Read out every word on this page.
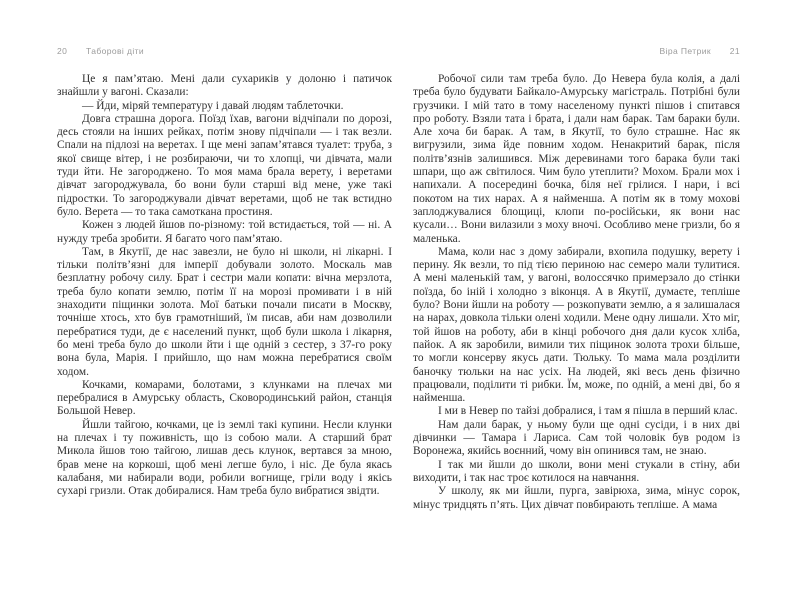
20 Таборові діти

Це я пам’ятаю. Мені дали сухариків у долоню і патичок знайшли у вагоні. Сказали:

— Йди, міряй температуру і давай людям таблеточки.

Довга страшна дорога. Поїзд їхав, вагони відчіпали по дорозі, десь стояли на інших рейках, потім знову підчіпали — і так везли. Спали на підлозі на веретах. І ще мені запам’ятався туалет: труба, з якої свище вітер, і не розбираючи, чи то хлопці, чи дівчата, мали туди йти. Не загороджено. То моя мама брала верету, і веретами дівчат загороджувала, бо вони були старші від мене, уже такі підростки. То загороджували дівчат веретами, щоб не так встидно було. Верета — то така самоткана простиня.

Кожен з людей йшов по-різному: той встидається, той — ні. А нужду треба зробити. Я багато чого пам’ятаю.

Там, в Якутії, де нас завезли, не було ні школи, ні лікарні. І тільки політв’язні для імперії добували золото. Москаль мав безплатну робочу силу. Брат і сестри мали копати: вічна мерзлота, треба було копати землю, потім її на морозі промивати і в ній знаходити піщинки золота. Мої батьки почали писати в Москву, точніше хтось, хто був грамотніший, їм писав, аби нам дозволили перебратися туди, де є населений пункт, щоб були школа і лікарня, бо мені треба було до школи йти і ще одній з сестер, з 37-го року вона була, Марія. І прийшло, що нам можна перебратися своїм ходом.

Кочками, комарами, болотами, з клунками на плечах ми перебралися в Амурську область, Сковородинський район, станція Большой Невер.

Йшли тайгою, кочками, це із землі такі купини. Несли клунки на плечах і ту поживність, що із собою мали. А старший брат Микола йшов тою тайгою, лишав десь клунок, вертався за мною, брав мене на коркоші, щоб мені легше було, і ніс. Де була якась калабаня, ми набирали води, робили вогнище, гріли воду і якісь сухарі гризли. Отак добиралися. Нам треба було вибратися звідти.

Віра Петрик 21

Робочої сили там треба було. До Невера була колія, а далі треба було будувати Байкало-Амурську магістраль. Потрібні були грузчики. І мій тато в тому населеному пункті пішов і спитався про роботу. Взяли тата і брата, і дали нам барак. Там бараки були. Але хоча би барак. А там, в Якутії, то було страшне. Нас як вигрузили, зима йде повним ходом. Ненакритий барак, після політв’язнів залишився. Між деревинами того барака були такі шпари, що аж світилося. Чим було утеплити? Мохом. Брали мох і напихали. А посередині бочка, біля неї грілися. І нари, і всі покотом на тих нарах. А я найменша. А потім як в тому мохові заплоджувалися блощиці, клопи по-російськи, як вони нас кусали… Вони вилазили з моху вночі. Особливо мене гризли, бо я маленька.

Мама, коли нас з дому забирали, вхопила подушку, верету і перину. Як везли, то під тією периною нас семеро мали тулитися. А мені маленькій там, у вагоні, волоссячко примерзало до стінки поїзда, бо іній і холодно з віконця. А в Якутії, думаєте, тепліше було? Вони йшли на роботу — розкопувати землю, а я залишалася на нарах, довкола тільки олені ходили. Мене одну лишали. Хто міг, той йшов на роботу, аби в кінці робочого дня дали кусок хліба, пайок. А як заробили, вимили тих піщинок золота трохи більше, то могли консерву якусь дати. Тюльку. То мама мала розділити баночку тюльки на нас усіх. На людей, які весь день фізично працювали, поділити ті рибки. Їм, може, по одній, а мені дві, бо я найменша.

І ми в Невер по тайзі добралися, і там я пішла в перший клас.

Нам дали барак, у ньому були ще одні сусіди, і в них дві дівчинки — Тамара і Лариса. Сам той чоловік був родом із Воронежа, якийсь воєнний, чому він опинився там, не знаю.

І так ми йшли до школи, вони мені стукали в стіну, аби виходити, і так нас троє котилося на навчання.

У школу, як ми йшли, пурга, завірюха, зима, мінус сорок, мінус тридцять п’ять. Цих дівчат повбирають тепліше. А мама
